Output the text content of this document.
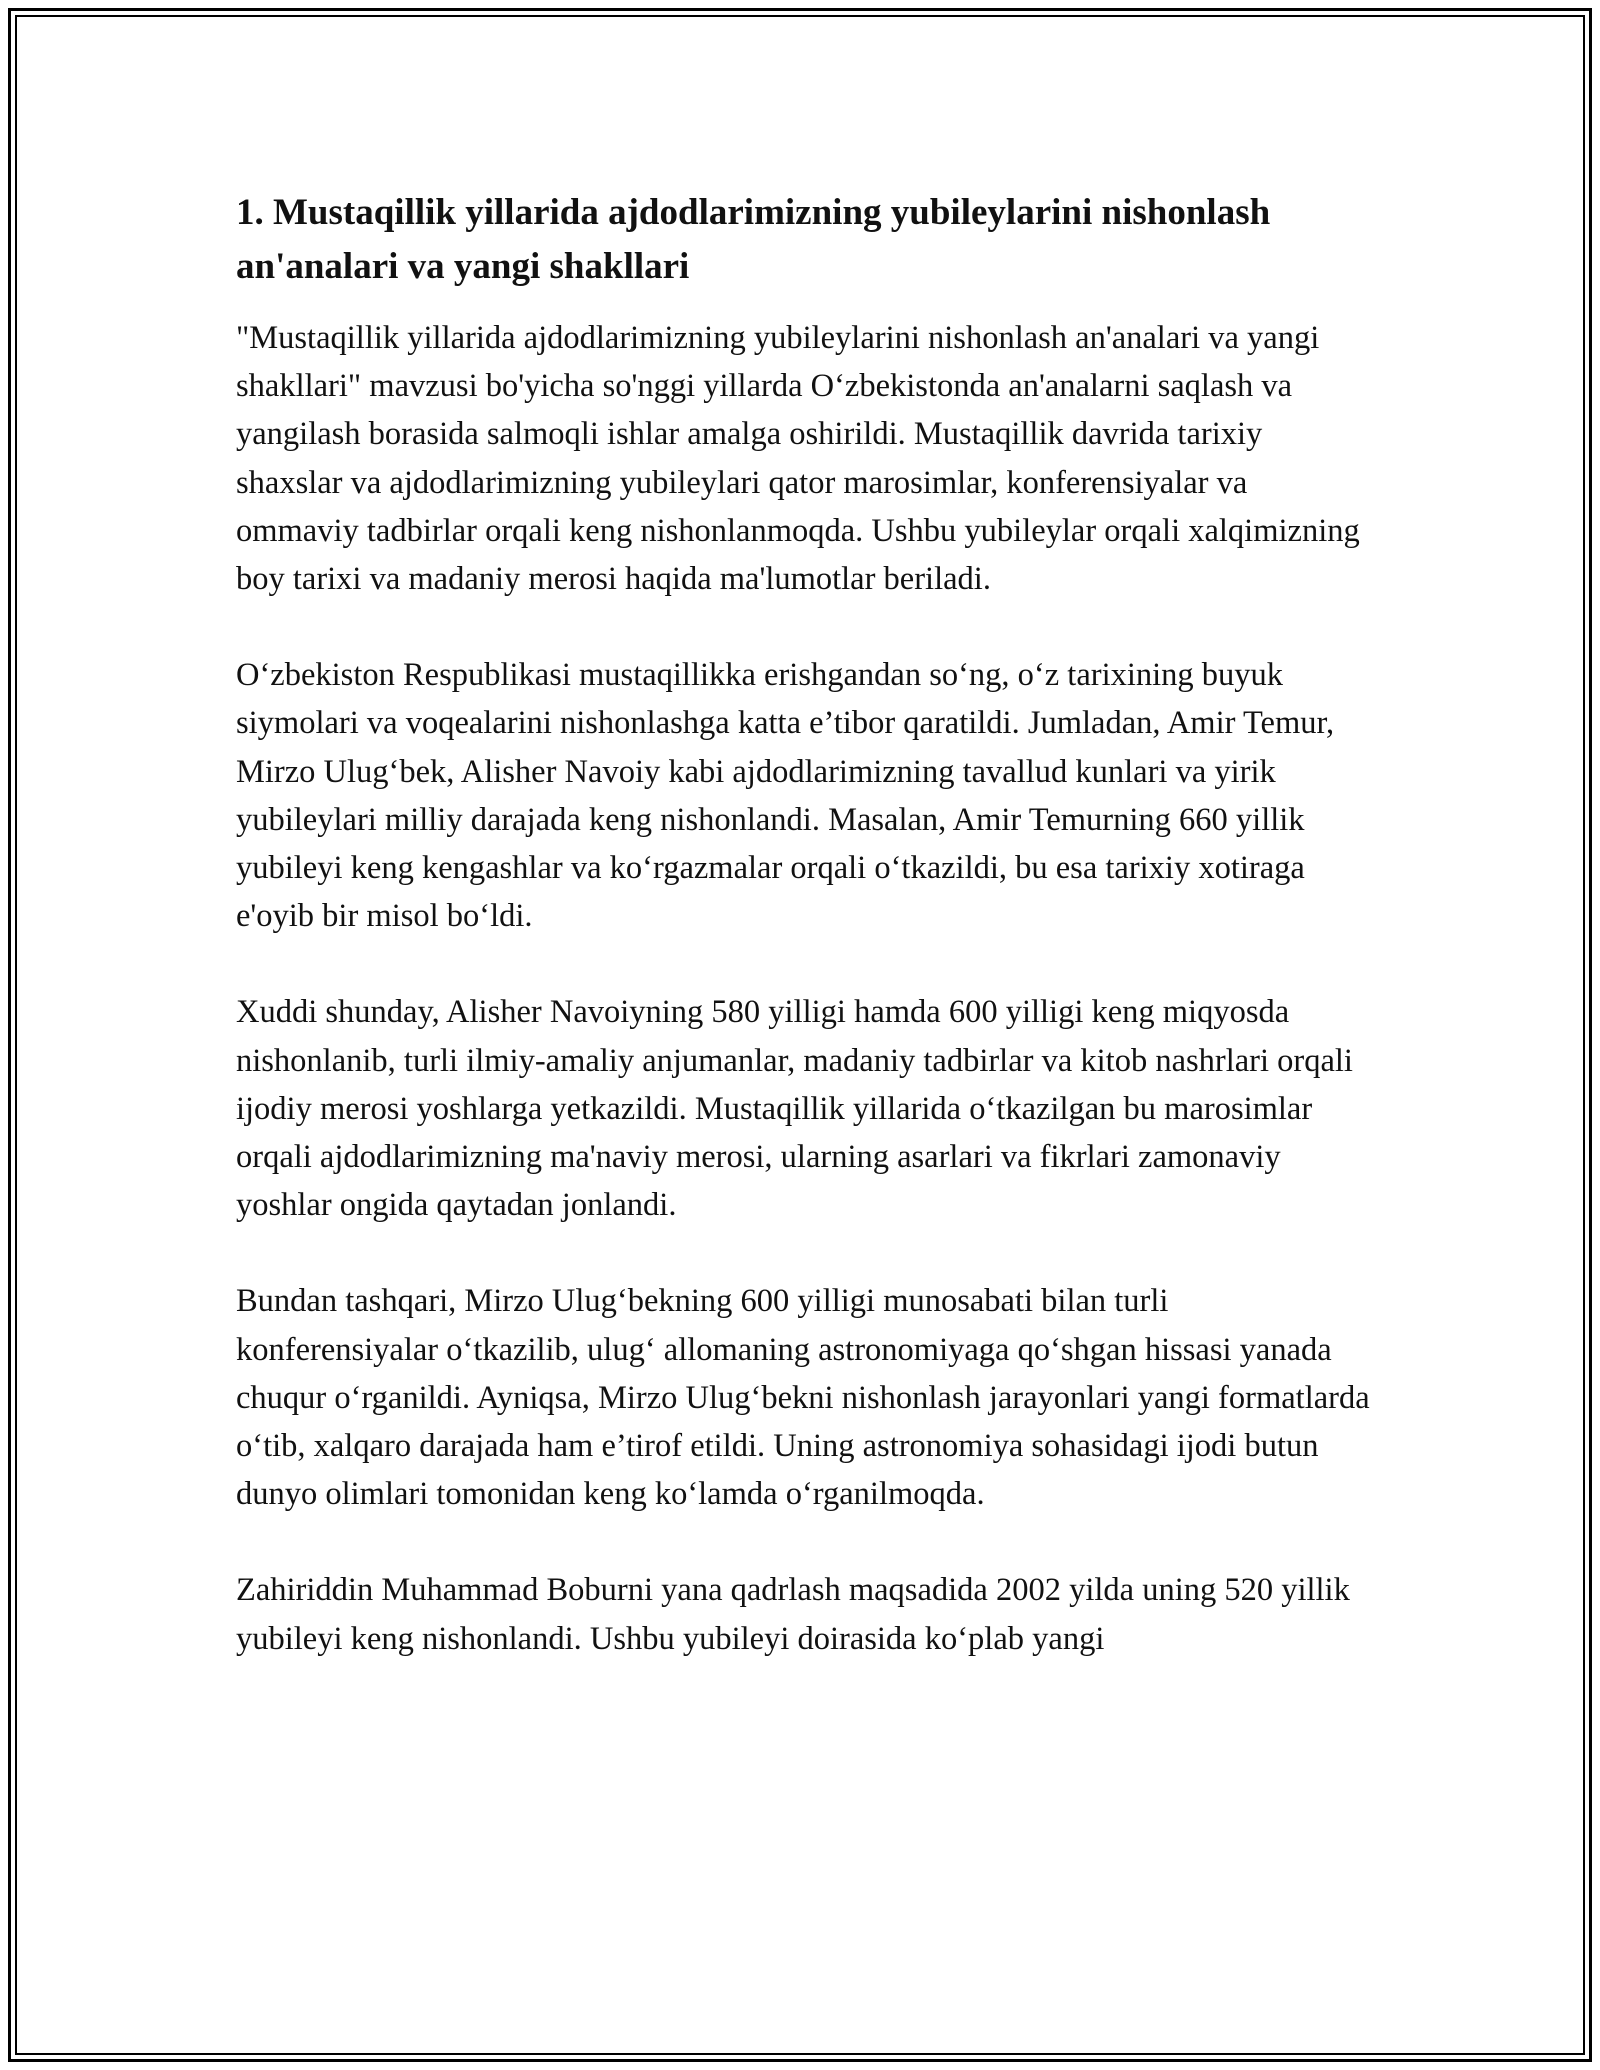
1. Mustaqillik yillarida ajdodlarimizning yubileylarini nishonlash an'analari va yangi shakllari

"Mustaqillik yillarida ajdodlarimizning yubileylarini nishonlash an'analari va yangi shakllari" mavzusi bo'yicha so'nggi yillarda O‘zbekistonda an'analarni saqlash va yangilash borasida salmoqli ishlar amalga oshirildi. Mustaqillik davrida tarixiy shaxslar va ajdodlarimizning yubileylari qator marosimlar, konferensiyalar va ommaviy tadbirlar orqali keng nishonlanmoqda. Ushbu yubileylar orqali xalqimizning boy tarixi va madaniy merosi haqida ma'lumotlar beriladi.

O‘zbekiston Respublikasi mustaqillikka erishgandan so‘ng, o‘z tarixining buyuk siymolari va voqealarini nishonlashga katta e’tibor qaratildi. Jumladan, Amir Temur, Mirzo Ulug‘bek, Alisher Navoiy kabi ajdodlarimizning tavallud kunlari va yirik yubileylari milliy darajada keng nishonlandi. Masalan, Amir Temurning 660 yillik yubileyi keng kengashlar va ko‘rgazmalar orqali o‘tkazildi, bu esa tarixiy xotiraga e'oyib bir misol bo‘ldi.

Xuddi shunday, Alisher Navoiyning 580 yilligi hamda 600 yilligi keng miqyosda nishonlanib, turli ilmiy-amaliy anjumanlar, madaniy tadbirlar va kitob nashrlari orqali ijodiy merosi yoshlarga yetkazildi. Mustaqillik yillarida o‘tkazilgan bu marosimlar orqali ajdodlarimizning ma'naviy merosi, ularning asarlari va fikrlari zamonaviy yoshlar ongida qaytadan jonlandi.

Bundan tashqari, Mirzo Ulug‘bekning 600 yilligi munosabati bilan turli konferensiyalar o‘tkazilib, ulug‘ allomaning astronomiyaga qo‘shgan hissasi yanada chuqur o‘rganildi. Ayniqsa, Mirzo Ulug‘bekni nishonlash jarayonlari yangi formatlarda o‘tib, xalqaro darajada ham e’tirof etildi. Uning astronomiya sohasidagi ijodi butun dunyo olimlari tomonidan keng ko‘lamda o‘rganilmoqda.

Zahiriddin Muhammad Boburni yana qadrlash maqsadida 2002 yilda uning 520 yillik yubileyi keng nishonlandi. Ushbu yubileyi doirasida ko‘plab yangi
